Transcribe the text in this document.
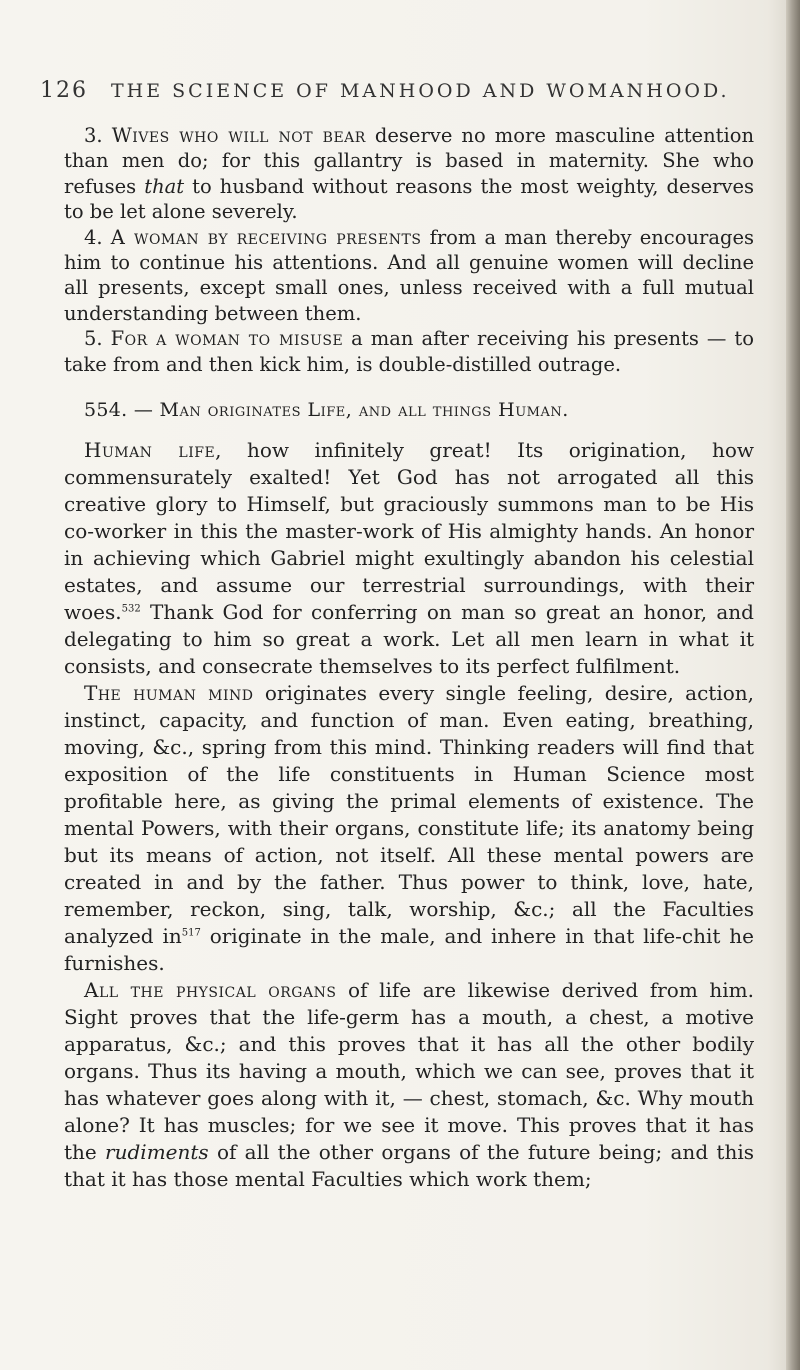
126 THE SCIENCE OF MANHOOD AND WOMANHOOD.

3. Wives who will not bear deserve no more masculine attention than men do; for this gallantry is based in maternity. She who refuses that to husband without reasons the most weighty, deserves to be let alone severely.

4. A woman by receiving presents from a man thereby encourages him to continue his attentions. And all genuine women will decline all presents, except small ones, unless received with a full mutual understanding between them.

5. For a woman to misuse a man after receiving his presents — to take from and then kick him, is double-distilled outrage.

554. — Man originates Life, and all things Human.

Human life, how infinitely great! Its origination, how commensurately exalted! Yet God has not arrogated all this creative glory to Himself, but graciously summons man to be His co-worker in this the master-work of His almighty hands. An honor in achieving which Gabriel might exultingly abandon his celestial estates, and assume our terrestrial surroundings, with their woes.$^{532}$ Thank God for conferring on man so great an honor, and delegating to him so great a work. Let all men learn in what it consists, and consecrate themselves to its perfect fulfilment.

The human mind originates every single feeling, desire, action, instinct, capacity, and function of man. Even eating, breathing, moving, &c., spring from this mind. Thinking readers will find that exposition of the life constituents in Human Science most profitable here, as giving the primal elements of existence. The mental Powers, with their organs, constitute life; its anatomy being but its means of action, not itself. All these mental powers are created in and by the father. Thus power to think, love, hate, remember, reckon, sing, talk, worship, &c.; all the Faculties analyzed $in^{517}$ originate in the male, and inhere in that life-chit he furnishes.

All the physical organs of life are likewise derived from him. Sight proves that the life-germ has a mouth, a chest, a motive apparatus, &c.; and this proves that it has all the other bodily organs. Thus its having a mouth, which we can see, proves that it has whatever goes along with it, — chest, stomach, &c. Why mouth alone? It has muscles; for we see it move. This proves that it has the rudiments of all the other organs of the future being; and this that it has those mental Faculties which work them;
